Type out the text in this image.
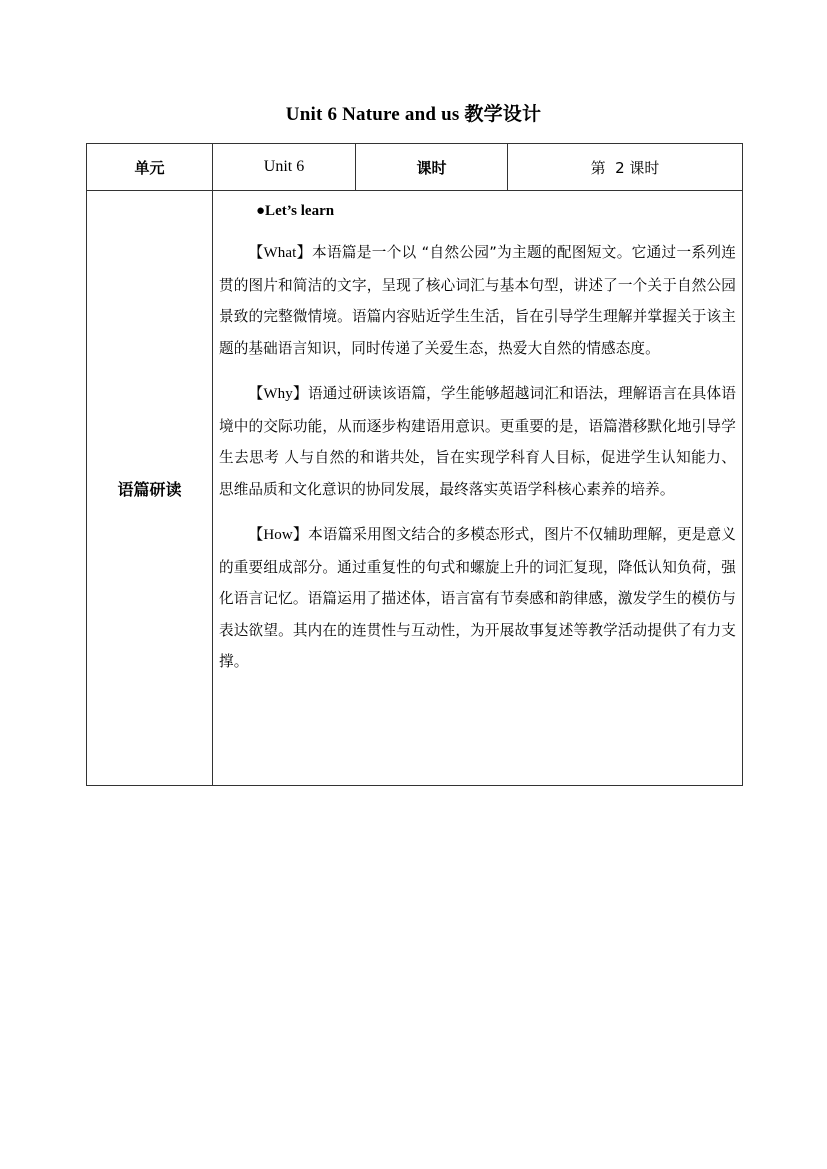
Unit 6 Nature and us 教学设计
单元	Unit 6	课时	第  2 课时
语篇研读	●Let’s learn

【What】本语篇是一个以 “自然公园”为主题的配图短文。它通过一系列连贯的图片和简洁的文字，呈现了核心词汇与基本句型，讲述了一个关于自然公园景致的完整微情境。语篇内容贴近学生生活，旨在引导学生理解并掌握关于该主题的基础语言知识，同时传递了关爱生态，热爱大自然的情感态度。

【Why】语通过研读该语篇，学生能够超越词汇和语法，理解语言在具体语境中的交际功能，从而逐步构建语用意识。更重要的是，语篇潜移默化地引导学生去思考 人与自然的和谐共处，旨在实现学科育人目标，促进学生认知能力、思维品质和文化意识的协同发展，最终落实英语学科核心素养的培养。

【How】本语篇采用图文结合的多模态形式，图片不仅辅助理解，更是意义的重要组成部分。通过重复性的句式和螺旋上升的词汇复现，降低认知负荷，强化语言记忆。语篇运用了描述体，语言富有节奏感和韵律感，激发学生的模仿与表达欲望。其内在的连贯性与互动性，为开展故事复述等教学活动提供了有力支撑。		
